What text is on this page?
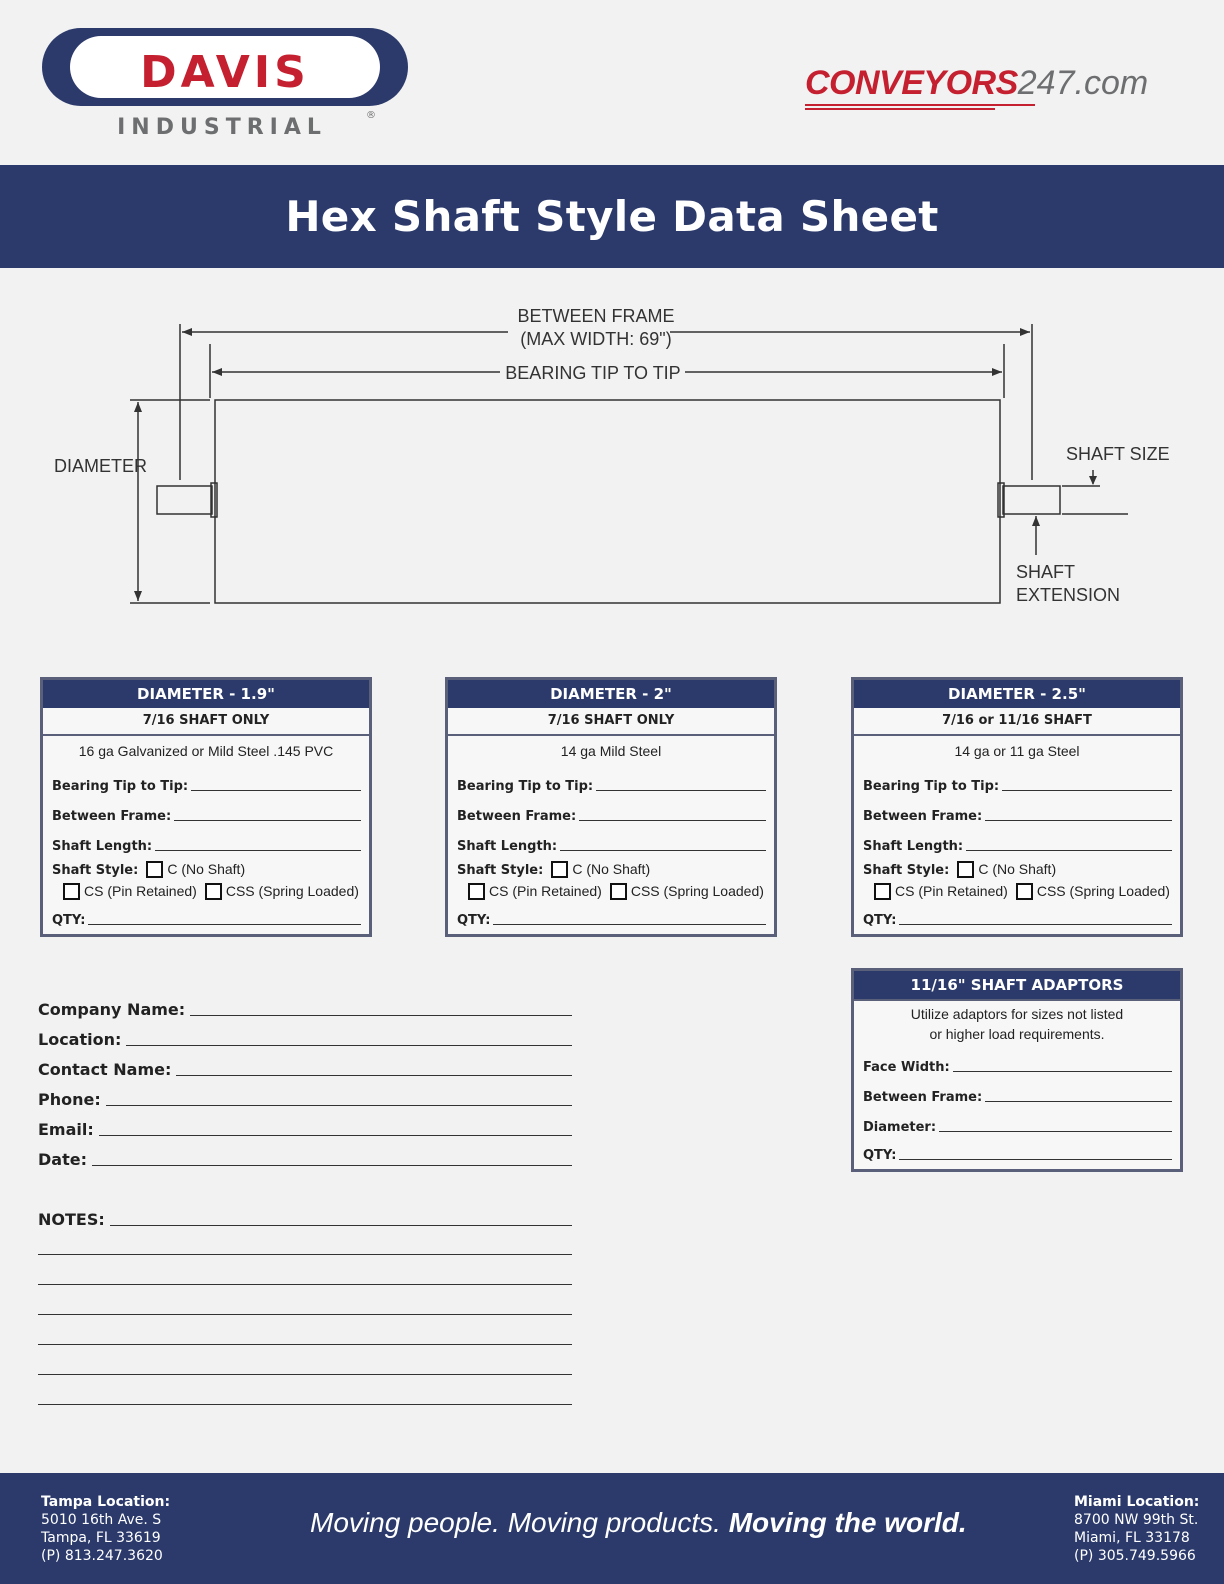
DAVIS
INDUSTRIAL	®
CONVEYORS247.com
Hex Shaft Style Data Sheet
BETWEEN FRAME
(MAX WIDTH: 69")
BEARING TIP TO TIP
DIAMETER
SHAFT SIZE
SHAFT
EXTENSION
DIAMETER - 1.9"
7/16 SHAFT ONLY
16 ga Galvanized or Mild Steel .145 PVC
Bearing Tip to Tip:
Between Frame:
Shaft Length:
Shaft Style: C (No Shaft)
CS (Pin Retained) CSS (Spring Loaded)
QTY:
DIAMETER - 2"
7/16 SHAFT ONLY
14 ga Mild Steel
Bearing Tip to Tip:
Between Frame:
Shaft Length:
Shaft Style: C (No Shaft)
CS (Pin Retained) CSS (Spring Loaded)
QTY:
DIAMETER - 2.5"
7/16 or 11/16 SHAFT
14 ga or 11 ga Steel
Bearing Tip to Tip:
Between Frame:
Shaft Length:
Shaft Style: C (No Shaft)
CS (Pin Retained) CSS (Spring Loaded)
QTY:
11/16" SHAFT ADAPTORS
Utilize adaptors for sizes not listed
or higher load requirements.
Face Width:
Between Frame:
Diameter:
QTY:
Company Name:
Location:
Contact Name:
Phone:
Email:
Date:
NOTES:
Tampa Location:
5010 16th Ave. S
Tampa, FL 33619
(P) 813.247.3620
Moving people. Moving products. Moving the world.
Miami Location:
8700 NW 99th St.
Miami, FL 33178
(P) 305.749.5966
